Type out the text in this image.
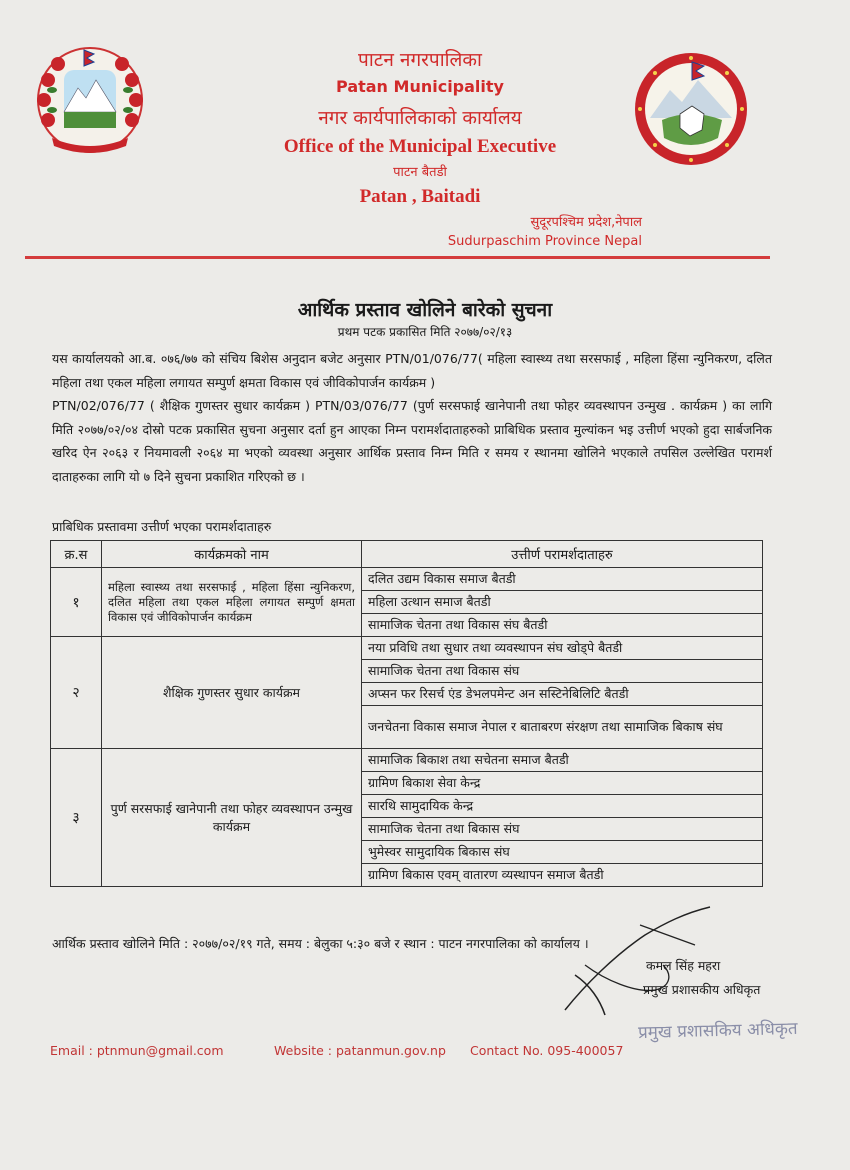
पाटन नगरपालिका
Patan Municipality
नगर कार्यपालिकाको कार्यालय
Office of the Municipal Executive
पाटन बैतडी
Patan , Baitadi
सुदूरपश्चिम प्रदेश,नेपाल
Sudurpaschim Province Nepal
आर्थिक प्रस्ताव खोलिने बारेको सुचना
प्रथम पटक प्रकासित मिति २०७७/०२/१३

यस कार्यालयको आ.ब. ०७६/७७ को संचिय बिशेस अनुदान बजेट अनुसार PTN/01/076/77( महिला स्वास्थ्य तथा सरसफाई , महिला हिंसा न्युनिकरण, दलित महिला तथा एकल महिला लगायत सम्पुर्ण क्षमता विकास एवं जीविकोपार्जन कार्यक्रम )

PTN/02/076/77 ( शैक्षिक गुणस्तर सुधार कार्यक्रम ) PTN/03/076/77 (पुर्ण सरसफाई खानेपानी तथा फोहर व्यवस्थापन उन्मुख . कार्यक्रम ) का लागि मिति २०७७/०२/०४ दोस्रो पटक प्रकासित सुचना अनुसार दर्ता हुन आएका निम्न परामर्शदाताहरुको प्राबिधिक प्रस्ताव मुल्यांकन भइ उत्तीर्ण भएको हुदा सार्बजनिक खरिद ऐन २०६३ र नियमावली २०६४ मा भएको व्यवस्था अनुसार आर्थिक प्रस्ताव निम्न मिति र समय र स्थानमा खोलिने भएकाले तपसिल उल्लेखित परामर्श दाताहरुका लागि यो ७ दिने सुचना प्रकाशित गरिएको छ ।

प्राबिधिक प्रस्तावमा उत्तीर्ण भएका परामर्शदाताहरु
क्र.स	कार्यक्रमको नाम	उत्तीर्ण परामर्शदाताहरु
१	महिला स्वास्थ्य तथा सरसफाई , महिला हिंसा न्युनिकरण, दलित महिला तथा एकल महिला लगायत सम्पुर्ण क्षमता विकास एवं जीविकोपार्जन कार्यक्रम	दलित उद्यम विकास समाज बैतडी
		महिला उत्थान समाज बैतडी
		सामाजिक चेतना तथा विकास संघ बैतडी
२	शैक्षिक गुणस्तर सुधार कार्यक्रम	नया प्रविधि तथा सुधार तथा व्यवस्थापन संघ खोड्पे बैतडी
		सामाजिक चेतना तथा विकास संघ
		अप्सन फर रिसर्च एंड डेभलपमेन्ट अन सस्टिनेबिलिटि बैतडी
		जनचेतना विकास समाज नेपाल र बाताबरण संरक्षण तथा सामाजिक बिकाष संघ
३	पुर्ण सरसफाई खानेपानी तथा फोहर व्यवस्थापन उन्मुख कार्यक्रम	सामाजिक बिकाश तथा सचेतना समाज बैतडी
		ग्रामिण बिकाश सेवा केन्द्र
		सारथि सामुदायिक केन्द्र
		सामाजिक चेतना तथा बिकास संघ
		भुमेस्वर सामुदायिक बिकास संघ
		ग्रामिण बिकास एवम् वातारण व्यस्थापन समाज बैतडी
आर्थिक प्रस्ताव खोलिने मिति : २०७७/०२/१९ गते, समय : बेलुका ५:३० बजे र स्थान : पाटन नगरपालिका को कार्यालय ।
कमल सिंह महरा
प्रमुख प्रशासकीय अधिकृत
प्रमुख प्रशासकिय अधिकृत
Email : ptnmun@gmail.com	Website : patanmun.gov.np Contact No. 095-400057
